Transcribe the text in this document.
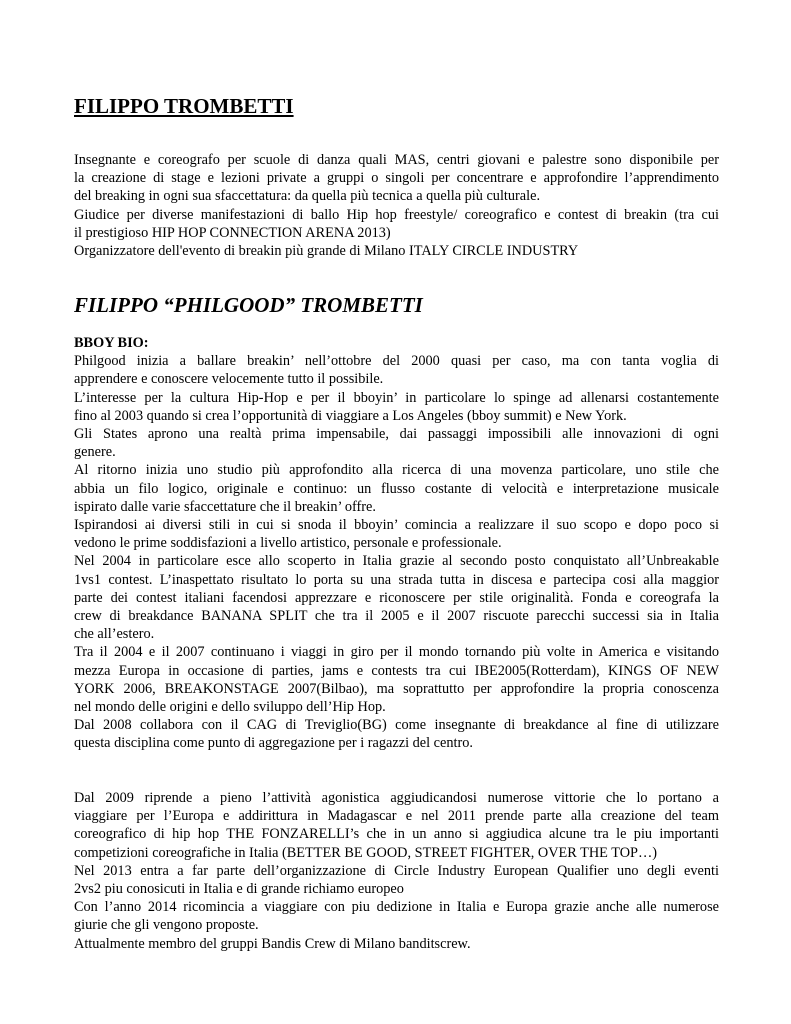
FILIPPO TROMBETTI

Insegnante e coreografo per scuole di danza quali MAS, centri giovani e palestre sono disponibile per

la creazione di stage e lezioni private a gruppi o singoli per concentrare e approfondire l’apprendimento

del breaking in ogni sua sfaccettatura: da quella più tecnica a quella più culturale.

Giudice per diverse manifestazioni di ballo Hip hop freestyle/ coreografico e contest di breakin (tra cui

il prestigioso HIP HOP CONNECTION ARENA 2013)

Organizzatore dell'evento di breakin più grande di Milano ITALY CIRCLE INDUSTRY

FILIPPO “PHILGOOD” TROMBETTI

BBOY BIO:

Philgood inizia a ballare breakin’ nell’ottobre del 2000 quasi per caso, ma con tanta voglia di

apprendere e conoscere velocemente tutto il possibile.

L’interesse per la cultura Hip-Hop e per il bboyin’ in particolare lo spinge ad allenarsi costantemente

fino al 2003 quando si crea l’opportunità di viaggiare a Los Angeles (bboy summit) e New York.

Gli States aprono una realtà prima impensabile, dai passaggi impossibili alle innovazioni di ogni

genere.

Al ritorno inizia uno studio più approfondito alla ricerca di una movenza particolare, uno stile che

abbia un filo logico, originale e continuo: un flusso costante di velocità e interpretazione musicale

ispirato dalle varie sfaccettature che il breakin’ offre.

Ispirandosi ai diversi stili in cui si snoda il bboyin’ comincia a realizzare il suo scopo e dopo poco si

vedono le prime soddisfazioni a livello artistico, personale e professionale.

Nel 2004 in particolare esce allo scoperto in Italia grazie al secondo posto conquistato all’Unbreakable

1vs1 contest. L’inaspettato risultato lo porta su una strada tutta in discesa e partecipa cosi alla maggior

parte dei contest italiani facendosi apprezzare e riconoscere per stile originalità. Fonda e coreografa la

crew di breakdance BANANA SPLIT che tra il 2005 e il 2007 riscuote parecchi successi sia in Italia

che all’estero.

Tra il 2004 e il 2007 continuano i viaggi in giro per il mondo tornando più volte in America e visitando

mezza Europa in occasione di parties, jams e contests tra cui IBE2005(Rotterdam), KINGS OF NEW

YORK 2006, BREAKONSTAGE 2007(Bilbao), ma soprattutto per approfondire la propria conoscenza

nel mondo delle origini e dello sviluppo dell’Hip Hop.

Dal 2008 collabora con il CAG di Treviglio(BG) come insegnante di breakdance al fine di utilizzare

questa disciplina come punto di aggregazione per i ragazzi del centro.

Dal 2009 riprende a pieno l’attività agonistica aggiudicandosi numerose vittorie che lo portano a

viaggiare per l’Europa e addirittura in Madagascar e nel 2011 prende parte alla creazione del team

coreografico di hip hop THE FONZARELLI’s che in un anno si aggiudica alcune tra le piu importanti

competizioni coreografiche in Italia (BETTER BE GOOD, STREET FIGHTER, OVER THE TOP…)

Nel 2013 entra a far parte dell’organizzazione di Circle Industry European Qualifier uno degli eventi

2vs2 piu conosicuti in Italia e di grande richiamo europeo

Con l’anno 2014 ricomincia a viaggiare con piu dedizione in Italia e Europa grazie anche alle numerose

giurie che gli vengono proposte.

Attualmente membro del gruppi Bandis Crew di Milano banditscrew.
